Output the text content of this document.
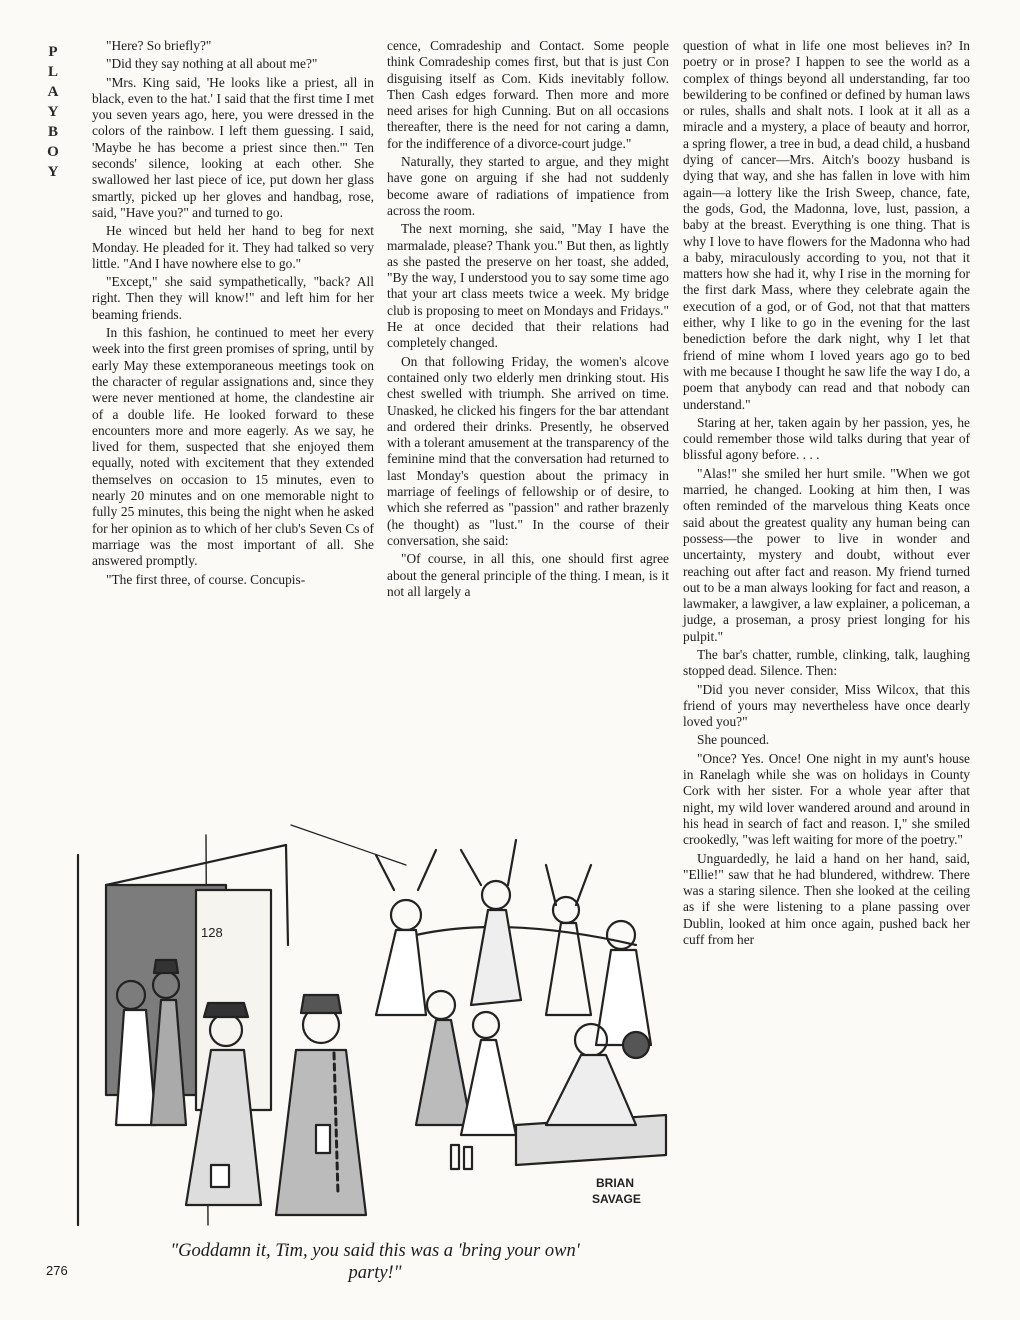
P
L
A
Y
B
O
Y

"Here? So briefly?"

"Did they say nothing at all about me?"

"Mrs. King said, 'He looks like a priest, all in black, even to the hat.' I said that the first time I met you seven years ago, here, you were dressed in the colors of the rainbow. I left them guessing. I said, 'Maybe he has become a priest since then.'" Ten seconds' silence, looking at each other. She swallowed her last piece of ice, put down her glass smartly, picked up her gloves and handbag, rose, said, "Have you?" and turned to go.

He winced but held her hand to beg for next Monday. He pleaded for it. They had talked so very little. "And I have nowhere else to go."

"Except," she said sympathetically, "back? All right. Then they will know!" and left him for her beaming friends.

In this fashion, he continued to meet her every week into the first green promises of spring, until by early May these extemporaneous meetings took on the character of regular assignations and, since they were never mentioned at home, the clandestine air of a double life. He looked forward to these encounters more and more eagerly. As we say, he lived for them, suspected that she enjoyed them equally, noted with excitement that they extended themselves on occasion to 15 minutes, even to nearly 20 minutes and on one memorable night to fully 25 minutes, this being the night when he asked for her opinion as to which of her club's Seven Cs of marriage was the most important of all. She answered promptly.

"The first three, of course. Concupis-

cence, Comradeship and Contact. Some people think Comradeship comes first, but that is just Con disguising itself as Com. Kids inevitably follow. Then Cash edges forward. Then more and more need arises for high Cunning. But on all occasions thereafter, there is the need for not caring a damn, for the indifference of a divorce-court judge."

Naturally, they started to argue, and they might have gone on arguing if she had not suddenly become aware of radiations of impatience from across the room.

The next morning, she said, "May I have the marmalade, please? Thank you." But then, as lightly as she pasted the preserve on her toast, she added, "By the way, I understood you to say some time ago that your art class meets twice a week. My bridge club is proposing to meet on Mondays and Fridays." He at once decided that their relations had completely changed.

On that following Friday, the women's alcove contained only two elderly men drinking stout. His chest swelled with triumph. She arrived on time. Unasked, he clicked his fingers for the bar attendant and ordered their drinks. Presently, he observed with a tolerant amusement at the transparency of the feminine mind that the conversation had returned to last Monday's question about the primacy in marriage of feelings of fellowship or of desire, to which she referred as "passion" and rather brazenly (he thought) as "lust." In the course of their conversation, she said:

"Of course, in all this, one should first agree about the general principle of the thing. I mean, is it not all largely a

question of what in life one most believes in? In poetry or in prose? I happen to see the world as a complex of things beyond all understanding, far too bewildering to be confined or defined by human laws or rules, shalls and shalt nots. I look at it all as a miracle and a mystery, a place of beauty and horror, a spring flower, a tree in bud, a dead child, a husband dying of cancer—Mrs. Aitch's boozy husband is dying that way, and she has fallen in love with him again—a lottery like the Irish Sweep, chance, fate, the gods, God, the Madonna, love, lust, passion, a baby at the breast. Everything is one thing. That is why I love to have flowers for the Madonna who had a baby, miraculously according to you, not that it matters how she had it, why I rise in the morning for the first dark Mass, where they celebrate again the execution of a god, or of God, not that that matters either, why I like to go in the evening for the last benediction before the dark night, why I let that friend of mine whom I loved years ago go to bed with me because I thought he saw life the way I do, a poem that anybody can read and that nobody can understand."

Staring at her, taken again by her passion, yes, he could remember those wild talks during that year of blissful agony before. . . .

"Alas!" she smiled her hurt smile. "When we got married, he changed. Looking at him then, I was often reminded of the marvelous thing Keats once said about the greatest quality any human being can possess—the power to live in wonder and uncertainty, mystery and doubt, without ever reaching out after fact and reason. My friend turned out to be a man always looking for fact and reason, a lawmaker, a lawgiver, a law explainer, a policeman, a judge, a proseman, a prosy priest longing for his pulpit."

The bar's chatter, rumble, clinking, talk, laughing stopped dead. Silence. Then:

"Did you never consider, Miss Wilcox, that this friend of yours may nevertheless have once dearly loved you?"

She pounced.

"Once? Yes. Once! One night in my aunt's house in Ranelagh while she was on holidays in County Cork with her sister. For a whole year after that night, my wild lover wandered around and around in his head in search of fact and reason. I," she smiled crookedly, "was left waiting for more of the poetry."

Unguardedly, he laid a hand on her hand, said, "Ellie!" saw that he had blundered, withdrew. There was a staring silence. Then she looked at the ceiling as if she were listening to a plane passing over Dublin, looked at him once again, pushed back her cuff from her

128
BRIAN
SAVAGE
"Goddamn it, Tim, you said this was a 'bring your own' party!"
276
